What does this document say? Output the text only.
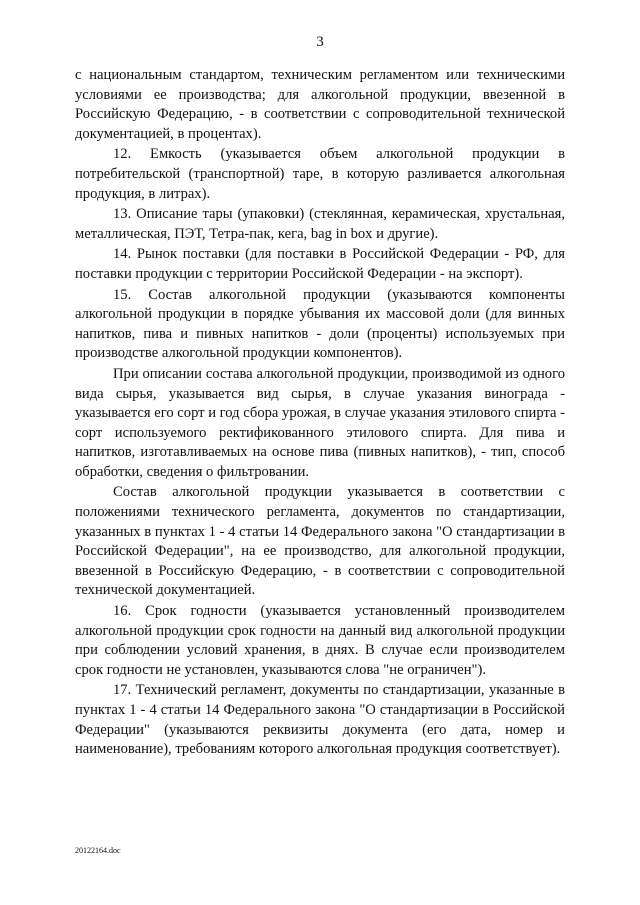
3

с национальным стандартом, техническим регламентом или техническими условиями ее производства; для алкогольной продукции, ввезенной в Российскую Федерацию, - в соответствии с сопроводительной технической документацией, в процентах).

12. Емкость (указывается объем алкогольной продукции в потребительской (транспортной) таре, в которую разливается алкогольная продукция, в литрах).

13. Описание тары (упаковки) (стеклянная, керамическая, хрустальная, металлическая, ПЭТ, Тетра-пак, кега, bag in box и другие).

14. Рынок поставки (для поставки в Российской Федерации - РФ, для поставки продукции с территории Российской Федерации - на экспорт).

15. Состав алкогольной продукции (указываются компоненты алкогольной продукции в порядке убывания их массовой доли (для винных напитков, пива и пивных напитков - доли (проценты) используемых при производстве алкогольной продукции компонентов).

При описании состава алкогольной продукции, производимой из одного вида сырья, указывается вид сырья, в случае указания винограда - указывается его сорт и год сбора урожая, в случае указания этилового спирта - сорт используемого ректификованного этилового спирта. Для пива и напитков, изготавливаемых на основе пива (пивных напитков), - тип, способ обработки, сведения о фильтровании.

Состав алкогольной продукции указывается в соответствии с положениями технического регламента, документов по стандартизации, указанных в пунктах 1 - 4 статьи 14 Федерального закона "О стандартизации в Российской Федерации", на ее производство, для алкогольной продукции, ввезенной в Российскую Федерацию, - в соответствии с сопроводительной технической документацией.

16. Срок годности (указывается установленный производителем алкогольной продукции срок годности на данный вид алкогольной продукции при соблюдении условий хранения, в днях. В случае если производителем срок годности не установлен, указываются слова "не ограничен").

17. Технический регламент, документы по стандартизации, указанные в пунктах 1 - 4 статьи 14 Федерального закона "О стандартизации в Российской Федерации" (указываются реквизиты документа (его дата, номер и наименование), требованиям которого алкогольная продукция соответствует).

20122164.doc
